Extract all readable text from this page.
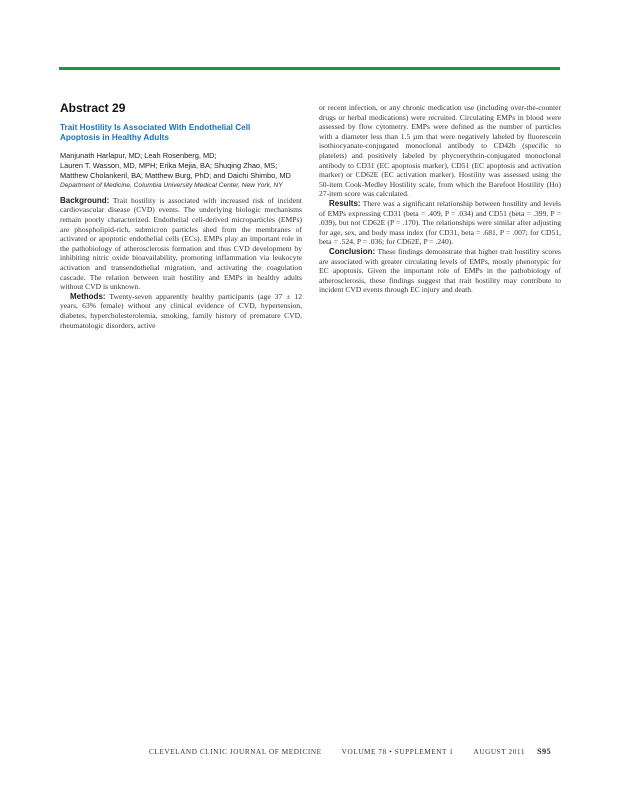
Abstract 29
Trait Hostility Is Associated With Endothelial Cell
Apoptosis in Healthy Adults
Manjunath Harlapur, MD; Leah Rosenberg, MD;
Lauren T. Wasson, MD, MPH; Erika Mejia, BA; Shuqing Zhao, MS;
Matthew Cholankeril, BA; Matthew Burg, PhD; and Daichi Shimbo, MD
Department of Medicine, Columbia University Medical Center, New York, NY

Background: Trait hostility is associated with increased risk of incident cardiovascular disease (CVD) events. The underlying biologic mechanisms remain poorly characterized. Endothelial cell-derived microparticles (EMPs) are phospholipid-rich, submicron particles shed from the membranes of activated or apoptotic endothelial cells (ECs). EMPs play an important role in the pathobiology of atherosclerosis formation and thus CVD development by inhibiting nitric oxide bioavailability, promoting inflammation via leukocyte activation and transendothelial migration, and activating the coagulation cascade. The relation between trait hostility and EMPs in healthy adults without CVD is unknown.

Methods: Twenty-seven apparently healthy participants (age 37 ± 12 years, 63% female) without any clinical evidence of CVD, hypertension, diabetes, hypercholesterolemia, smoking, family history of premature CVD, rheumatologic disorders, active

or recent infection, or any chronic medication use (including over-the-counter drugs or herbal medications) were recruited. Circulating EMPs in blood were assessed by flow cytometry. EMPs were defined as the number of particles with a diameter less than 1.5 µm that were negatively labeled by fluorescein isothiocyanate-conjugated monoclonal antibody to CD42b (specific to platelets) and positively labeled by phycoerythrin-conjugated monoclonal antibody to CD31 (EC apoptosis marker), CD51 (EC apoptosis and activation marker) or CD62E (EC activation marker). Hostility was assessed using the 50-item Cook-Medley Hostility scale, from which the Barefoot Hostility (Ho) 27-item score was calculated.

Results: There was a significant relationship between hostility and levels of EMPs expressing CD31 (beta = .409, P = .034) and CD51 (beta = .399, P = .039), but not CD62E (P = .170). The relationships were similar after adjusting for age, sex, and body mass index (for CD31, beta = .681, P = .007; for CD51, beta = .524, P = .036; for CD62E, P = .240).

Conclusion: These findings demonstrate that higher trait hostility scores are associated with greater circulating levels of EMPs, mostly phenotypic for EC apoptosis. Given the important role of EMPs in the pathobiology of atherosclerosis, these findings suggest that trait hostility may contribute to incident CVD events through EC injury and death.

CLEVELAND CLINIC JOURNAL OF MEDICINE	VOLUME 78 • SUPPLEMENT 1	AUGUST 2011 S95
